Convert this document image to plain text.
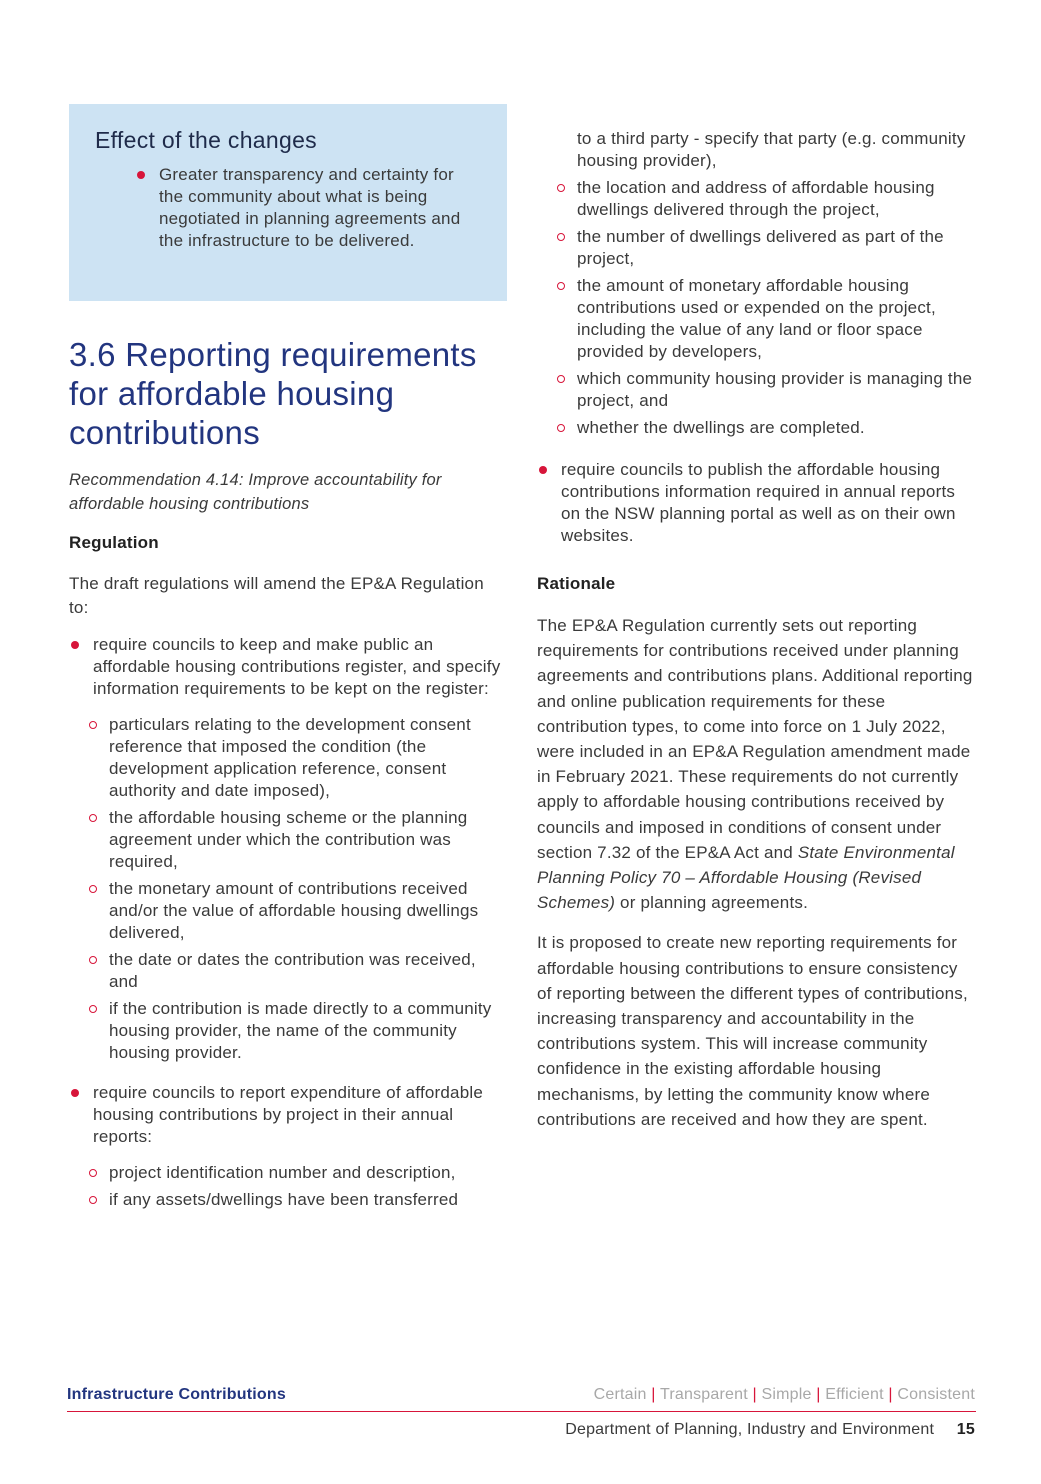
Effect of the changes
Greater transparency and certainty for the community about what is being negotiated in planning agreements and the infrastructure to be delivered.
3.6 Reporting requirements for affordable housing contributions

Recommendation 4.14: Improve accountability for affordable housing contributions

Regulation

The draft regulations will amend the EP&A Regulation to:

require councils to keep and make public an affordable housing contributions register, and specify information requirements to be kept on the register:
particulars relating to the development consent reference that imposed the condition (the development application reference, consent authority and date imposed),
the affordable housing scheme or the planning agreement under which the contribution was required,
the monetary amount of contributions received and/or the value of affordable housing dwellings delivered,
the date or dates the contribution was received, and
if the contribution is made directly to a community housing provider, the name of the community housing provider.
require councils to report expenditure of affordable housing contributions by project in their annual reports:
project identification number and description,
if any assets/dwellings have been transferred

to a third party - specify that party (e.g. community housing provider),

the location and address of affordable housing dwellings delivered through the project,
the number of dwellings delivered as part of the project,
the amount of monetary affordable housing contributions used or expended on the project, including the value of any land or floor space provided by developers,
which community housing provider is managing the project, and
whether the dwellings are completed.
require councils to publish the affordable housing contributions information required in annual reports on the NSW planning portal as well as on their own websites.
Rationale

The EP&A Regulation currently sets out reporting requirements for contributions received under planning agreements and contributions plans. Additional reporting and online publication requirements for these contribution types, to come into force on 1 July 2022, were included in an EP&A Regulation amendment made in February 2021. These requirements do not currently apply to affordable housing contributions received by councils and imposed in conditions of consent under section 7.32 of the EP&A Act and State Environmental Planning Policy 70 – Affordable Housing (Revised Schemes) or planning agreements.

It is proposed to create new reporting requirements for affordable housing contributions to ensure consistency of reporting between the different types of contributions, increasing transparency and accountability in the contributions system. This will increase community confidence in the existing affordable housing mechanisms, by letting the community know where contributions are received and how they are spent.

Infrastructure Contributions	Certain | Transparent | Simple | Efficient | Consistent
Department of Planning, Industry and Environment 15
